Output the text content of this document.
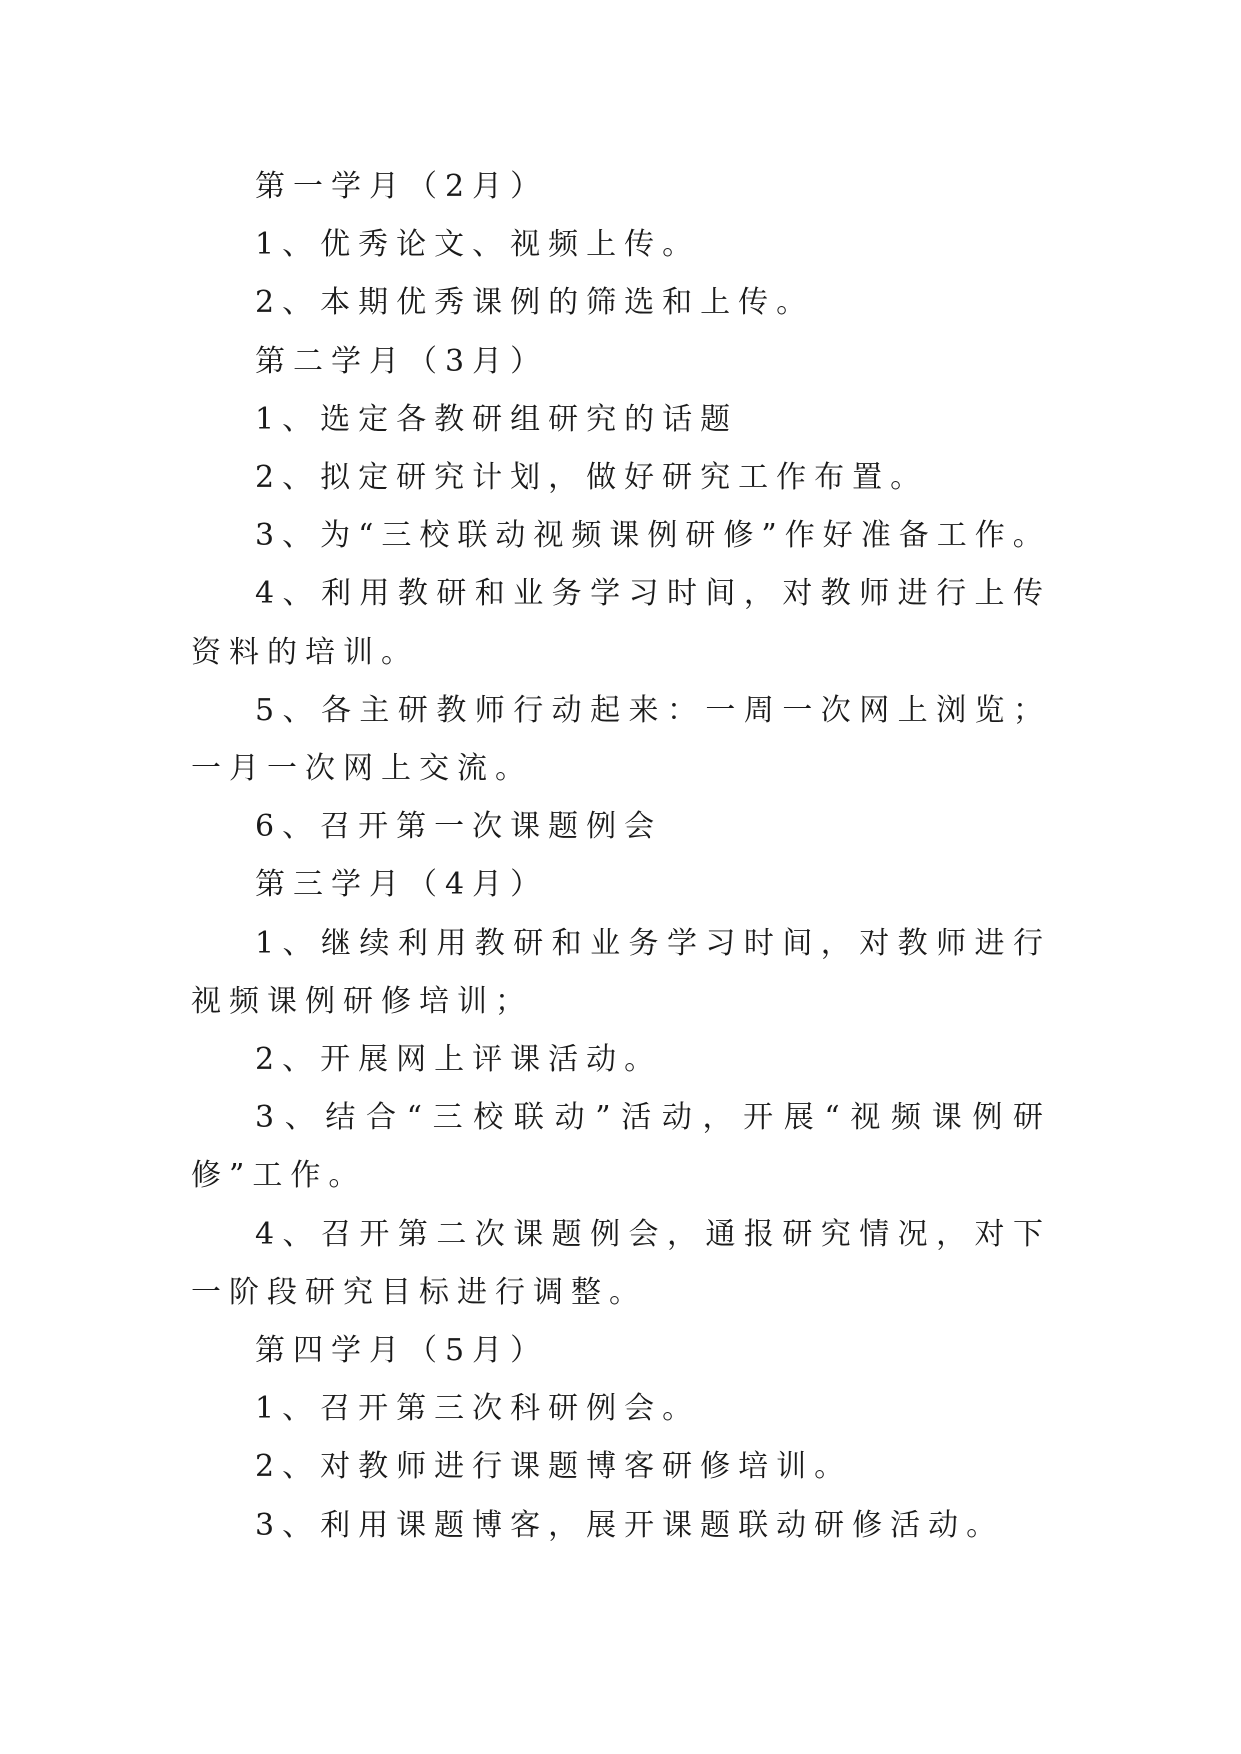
第一学月（2月）

1、优秀论文、视频上传。

2、本期优秀课例的筛选和上传。

第二学月（3月）

1、选定各教研组研究的话题

2、拟定研究计划，做好研究工作布置。

3、为“三校联动视频课例研修”作好准备工作。

4、利用教研和业务学习时间，对教师进行上传资料的培训。

5、各主研教师行动起来：一周一次网上浏览；一月一次网上交流。

6、召开第一次课题例会

第三学月（4月）

1、继续利用教研和业务学习时间，对教师进行视频课例研修培训；

2、开展网上评课活动。

3、结合“三校联动”活动，开展“视频课例研修”工作。

4、召开第二次课题例会，通报研究情况，对下一阶段研究目标进行调整。

第四学月（5月）

1、召开第三次科研例会。

2、对教师进行课题博客研修培训。

3、利用课题博客，展开课题联动研修活动。
